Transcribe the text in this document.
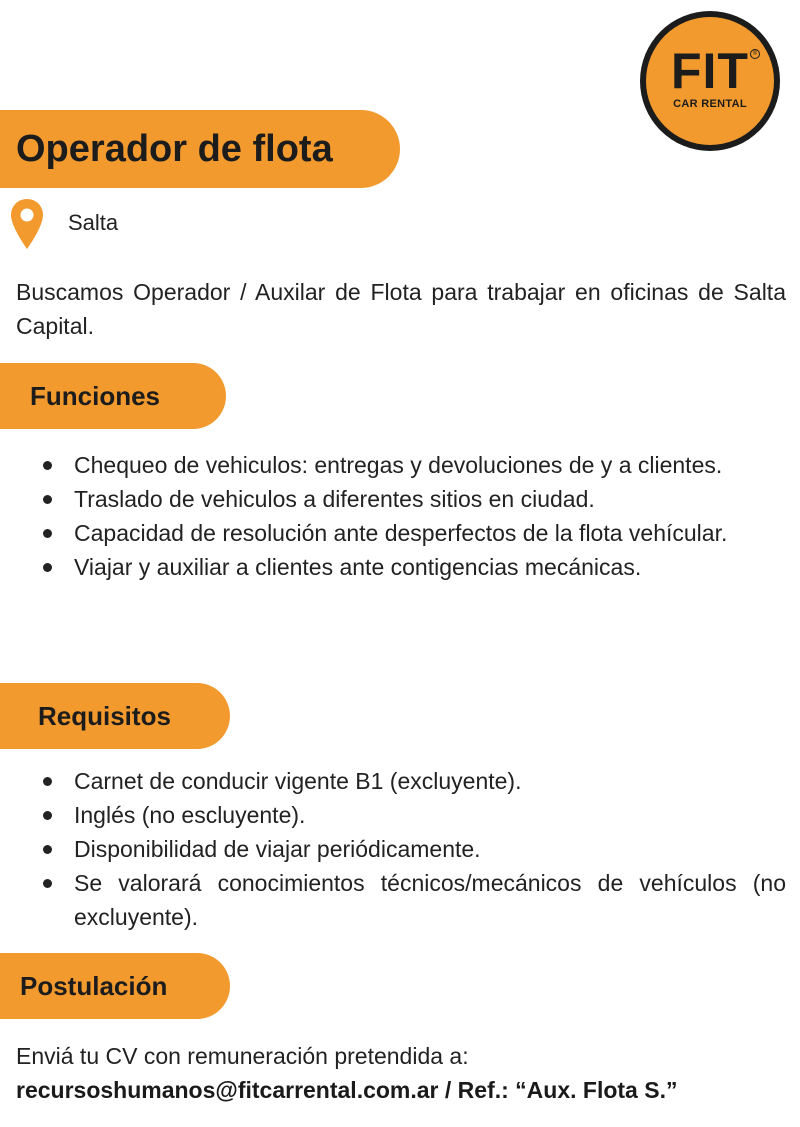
FIT
CAR RENTAL
®
Operador de flota
Salta

Buscamos Operador / Auxilar de Flota para trabajar en oficinas de Salta Capital.

Funciones
Chequeo de vehiculos: entregas y devoluciones de y a clientes.
Traslado de vehiculos a diferentes sitios en ciudad.
Capacidad de resolución ante desperfectos de la flota vehícular.
Viajar y auxiliar a clientes ante contigencias mecánicas.
Requisitos
Carnet de conducir vigente B1 (excluyente).
Inglés (no escluyente).
Disponibilidad de viajar periódicamente.
Se valorará conocimientos técnicos/mecánicos de vehículos (no excluyente).
Postulación

Enviá tu CV con remuneración pretendida a:

recursoshumanos@fitcarrental.com.ar / Ref.: “Aux. Flota S.”
